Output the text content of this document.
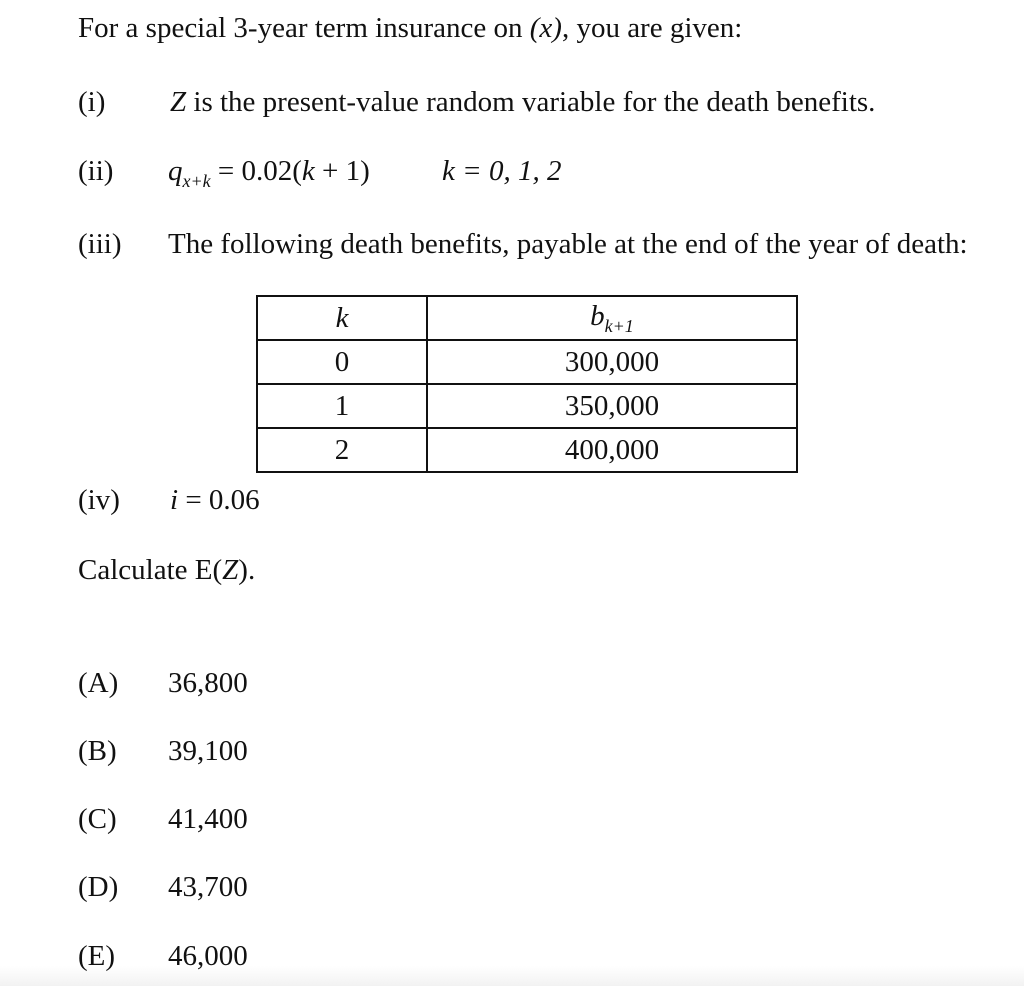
For a special 3-year term insurance on (x), you are given:
(i) Z is the present-value random variable for the death benefits.
(ii) $q_{x+k} = 0.02(k + 1) k = 0$, 1, 2
(iii) The following death benefits, payable at the end of the year of death:
k	$b_{k+1}$
0	300,000
1	350,000
2	400,000
(iv) i = 0.06
Calculate E(Z).
(A) 36,800
(B) 39,100
(C) 41,400
(D) 43,700
(E) 46,000
